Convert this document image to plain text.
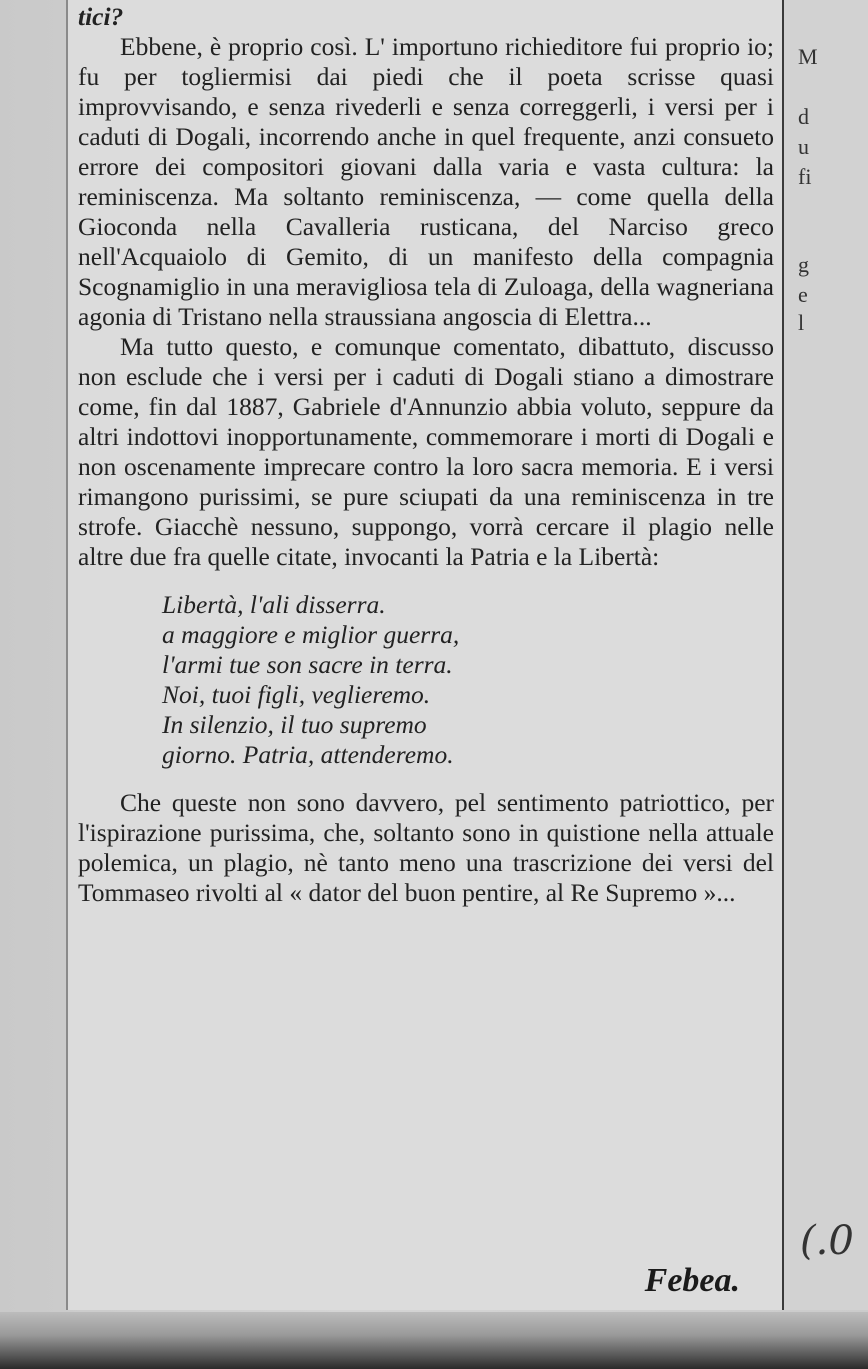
M
d
u
fi
g
e
l

tici?

Ebbene, è proprio così. L' importuno richieditore fui proprio io; fu per togliermisi dai piedi che il poeta scrisse quasi improvvisando, e senza rivederli e senza correggerli, i versi per i caduti di Dogali, incorrendo anche in quel frequente, anzi consueto errore dei compositori giovani dalla varia e vasta cultura: la reminiscenza. Ma soltanto reminiscenza, — come quella della Gioconda nella Cavalleria rusticana, del Narciso greco nell'Acquaiolo di Gemito, di un manifesto della compagnia Scognamiglio in una meravigliosa tela di Zuloaga, della wagneriana agonia di Tristano nella straussiana angoscia di Elettra...

Ma tutto questo, e comunque comentato, dibattuto, discusso non esclude che i versi per i caduti di Dogali stiano a dimostrare come, fin dal 1887, Gabriele d'Annunzio abbia voluto, seppure da altri indottovi inopportunamente, commemorare i morti di Dogali e non oscenamente imprecare contro la loro sacra memoria. E i versi rimangono purissimi, se pure sciupati da una reminiscenza in tre strofe. Giacchè nessuno, suppongo, vorrà cercare il plagio nelle altre due fra quelle citate, invocanti la Patria e la Libertà:

Libertà, l'ali disserra.
a maggiore e miglior guerra,
l'armi tue son sacre in terra.
Noi, tuoi figli, veglieremo.
In silenzio, il tuo supremo
giorno. Patria, attenderemo.

Che queste non sono davvero, pel sentimento patriottico, per l'ispirazione purissima, che, soltanto sono in quistione nella attuale polemica, un plagio, nè tanto meno una trascrizione dei versi del Tommaseo rivolti al « dator del buon pentire, al Re Supremo »...

Febea.
(.0
